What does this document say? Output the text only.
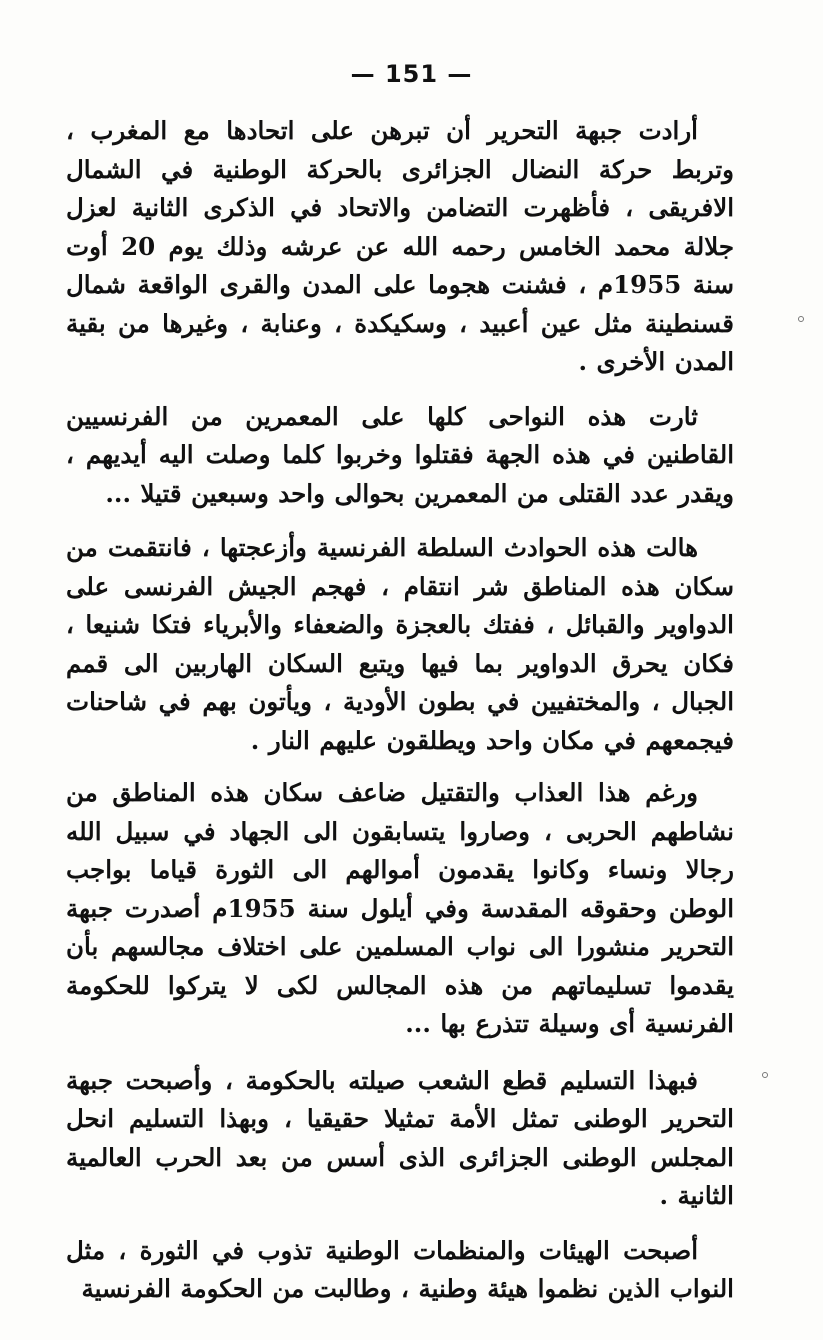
— 151 —

أرادت جبهة التحرير أن تبرهن على اتحادها مع المغرب ، وتربط حركة النضال الجزائرى بالحركة الوطنية في الشمال الافريقى ، فأظهرت التضامن والاتحاد في الذكرى الثانية لعزل جلالة محمد الخامس رحمه الله عن عرشه وذلك يوم 20 أوت سنة 1955م ، فشنت هجوما على المدن والقرى الواقعة شمال قسنطينة مثل عين أعبيد ، وسكيكدة ، وعنابة ، وغيرها من بقية المدن الأخرى .

ثارت هذه النواحى كلها على المعمرين من الفرنسيين القاطنين في هذه الجهة فقتلوا وخربوا كلما وصلت اليه أيديهم ، ويقدر عدد القتلى من المعمرين بحوالى واحد وسبعين قتيلا ...

هالت هذه الحوادث السلطة الفرنسية وأزعجتها ، فانتقمت من سكان هذه المناطق شر انتقام ، فهجم الجيش الفرنسى على الدواوير والقبائل ، ففتك بالعجزة والضعفاء والأبرياء فتكا شنيعا ، فكان يحرق الدواوير بما فيها ويتبع السكان الهاربين الى قمم الجبال ، والمختفيين في بطون الأودية ، ويأتون بهم في شاحنات فيجمعهم في مكان واحد ويطلقون عليهم النار .

ورغم هذا العذاب والتقتيل ضاعف سكان هذه المناطق من نشاطهم الحربى ، وصاروا يتسابقون الى الجهاد في سبيل الله رجالا ونساء وكانوا يقدمون أموالهم الى الثورة قياما بواجب الوطن وحقوقه المقدسة وفي أيلول سنة 1955م أصدرت جبهة التحرير منشورا الى نواب المسلمين على اختلاف مجالسهم بأن يقدموا تسليماتهم من هذه المجالس لكى لا يتركوا للحكومة الفرنسية أى وسيلة تتذرع بها ...

فبهذا التسليم قطع الشعب صيلته بالحكومة ، وأصبحت جبهة التحرير الوطنى تمثل الأمة تمثيلا حقيقيا ، وبهذا التسليم انحل المجلس الوطنى الجزائرى الذى أسس من بعد الحرب العالمية الثانية .

أصبحت الهيئات والمنظمات الوطنية تذوب في الثورة ، مثل النواب الذين نظموا هيئة وطنية ، وطالبت من الحكومة الفرنسية
